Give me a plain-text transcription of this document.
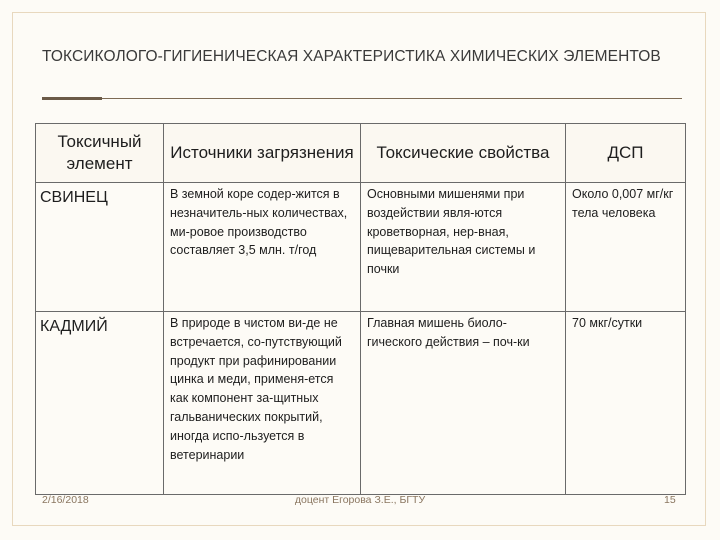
ТОКСИКОЛОГО-ГИГИЕНИЧЕСКАЯ ХАРАКТЕРИСТИКА ХИМИЧЕСКИХ ЭЛЕМЕНТОВ
Токсичный элемент	Источники загрязнения	Токсические свойства	ДСП
СВИНЕЦ	В земной коре содер-жится в незначитель-ных количествах, ми-ровое производство составляет 3,5 млн. т/год	Основными мишенями при воздействии явля-ются кроветворная, нер-вная, пищеварительная системы и почки	Около 0,007 мг/кг тела человека
КАДМИЙ	В природе в чистом ви-де не встречается, со-путствующий продукт при рафинировании цинка и меди, применя-ется как компонент за-щитных гальванических покрытий, иногда испо-льзуется в ветеринарии	Главная мишень биоло-гического действия – поч-ки	70 мкг/сутки
2/16/2018	доцент Егорова З.Е., БГТУ	15
